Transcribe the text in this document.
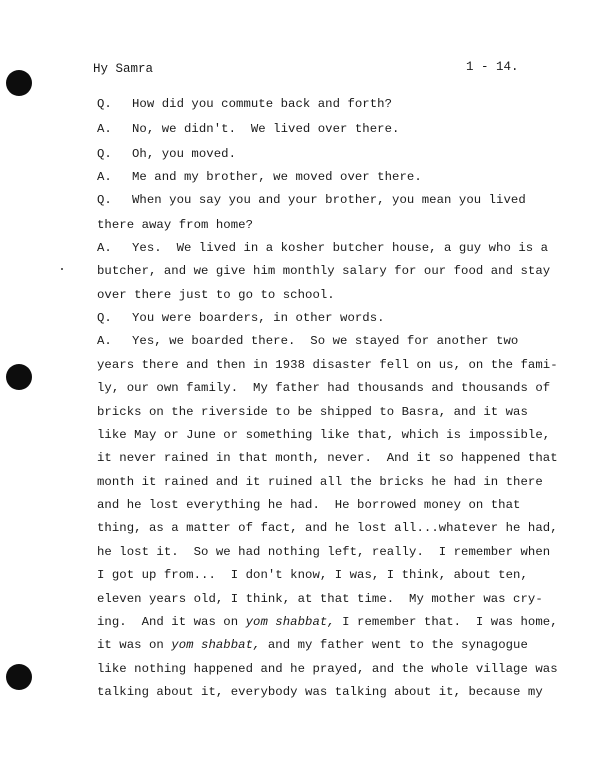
Hy Samra	1 - 14.
Q. How did you commute back and forth?
A. No, we didn't.  We lived over there.
Q. Oh, you moved.
A. Me and my brother, we moved over there.
Q. When you say you and your brother, you mean you lived
there away from home?
A. Yes.  We lived in a kosher butcher house, a guy who is a
butcher, and we give him monthly salary for our food and stay
over there just to go to school.
Q. You were boarders, in other words.
A. Yes, we boarded there.  So we stayed for another two
years there and then in 1938 disaster fell on us, on the fami-
ly, our own family.  My father had thousands and thousands of
bricks on the riverside to be shipped to Basra, and it was
like May or June or something like that, which is impossible,
it never rained in that month, never.  And it so happened that
month it rained and it ruined all the bricks he had in there
and he lost everything he had.  He borrowed money on that
thing, as a matter of fact, and he lost all...whatever he had,
he lost it.  So we had nothing left, really.  I remember when
I got up from...  I don't know, I was, I think, about ten,
eleven years old, I think, at that time.  My mother was cry-
ing.  And it was on yom shabbat, I remember that.  I was home,
it was on yom shabbat, and my father went to the synagogue
like nothing happened and he prayed, and the whole village was
talking about it, everybody was talking about it, because my
